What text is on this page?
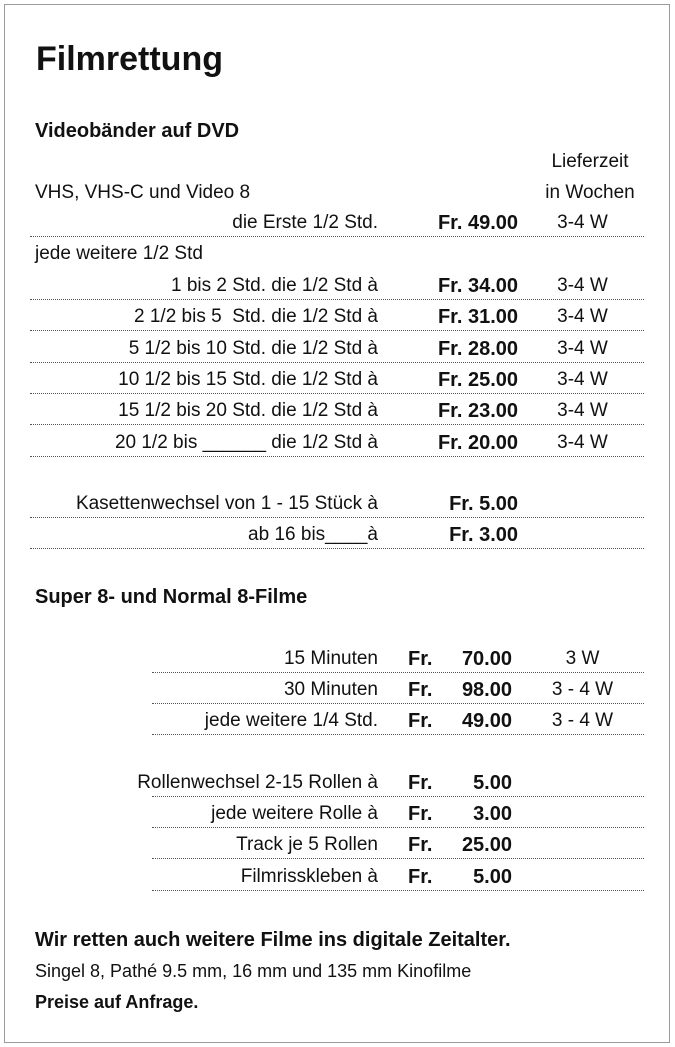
Filmrettung
Videobänder auf DVD
Lieferzeit
VHS, VHS-C und Video 8	in Wochen
die Erste 1/2 Std.	Fr. 49.00	3-4 W
jede weitere 1/2 Std
1 bis 2 Std. die 1/2 Std à	Fr. 34.00	3-4 W
2 1/2 bis 5  Std. die 1/2 Std à	Fr. 31.00	3-4 W
5 1/2 bis 10 Std. die 1/2 Std à	Fr. 28.00	3-4 W
10 1/2 bis 15 Std. die 1/2 Std à	Fr. 25.00	3-4 W
15 1/2 bis 20 Std. die 1/2 Std à	Fr. 23.00	3-4 W
20 1/2 bis ______ die 1/2 Std à	Fr. 20.00	3-4 W
Kasettenwechsel von 1 - 15 Stück à	Fr. 5.00
ab 16 bis____à	Fr. 3.00
Super 8- und Normal 8-Filme
15 Minuten Fr.	70.00	3 W
30 Minuten Fr.	98.00	3 - 4 W
jede weitere 1/4 Std. Fr.	49.00	3 - 4 W
Rollenwechsel 2-15 Rollen à Fr.	5.00
jede weitere Rolle à Fr.	3.00
Track je 5 Rollen Fr.	25.00
Filmrisskleben à Fr.	5.00
Wir retten auch weitere Filme ins digitale Zeitalter.
Singel 8, Pathé 9.5 mm, 16 mm und 135 mm Kinofilme
Preise auf Anfrage.
